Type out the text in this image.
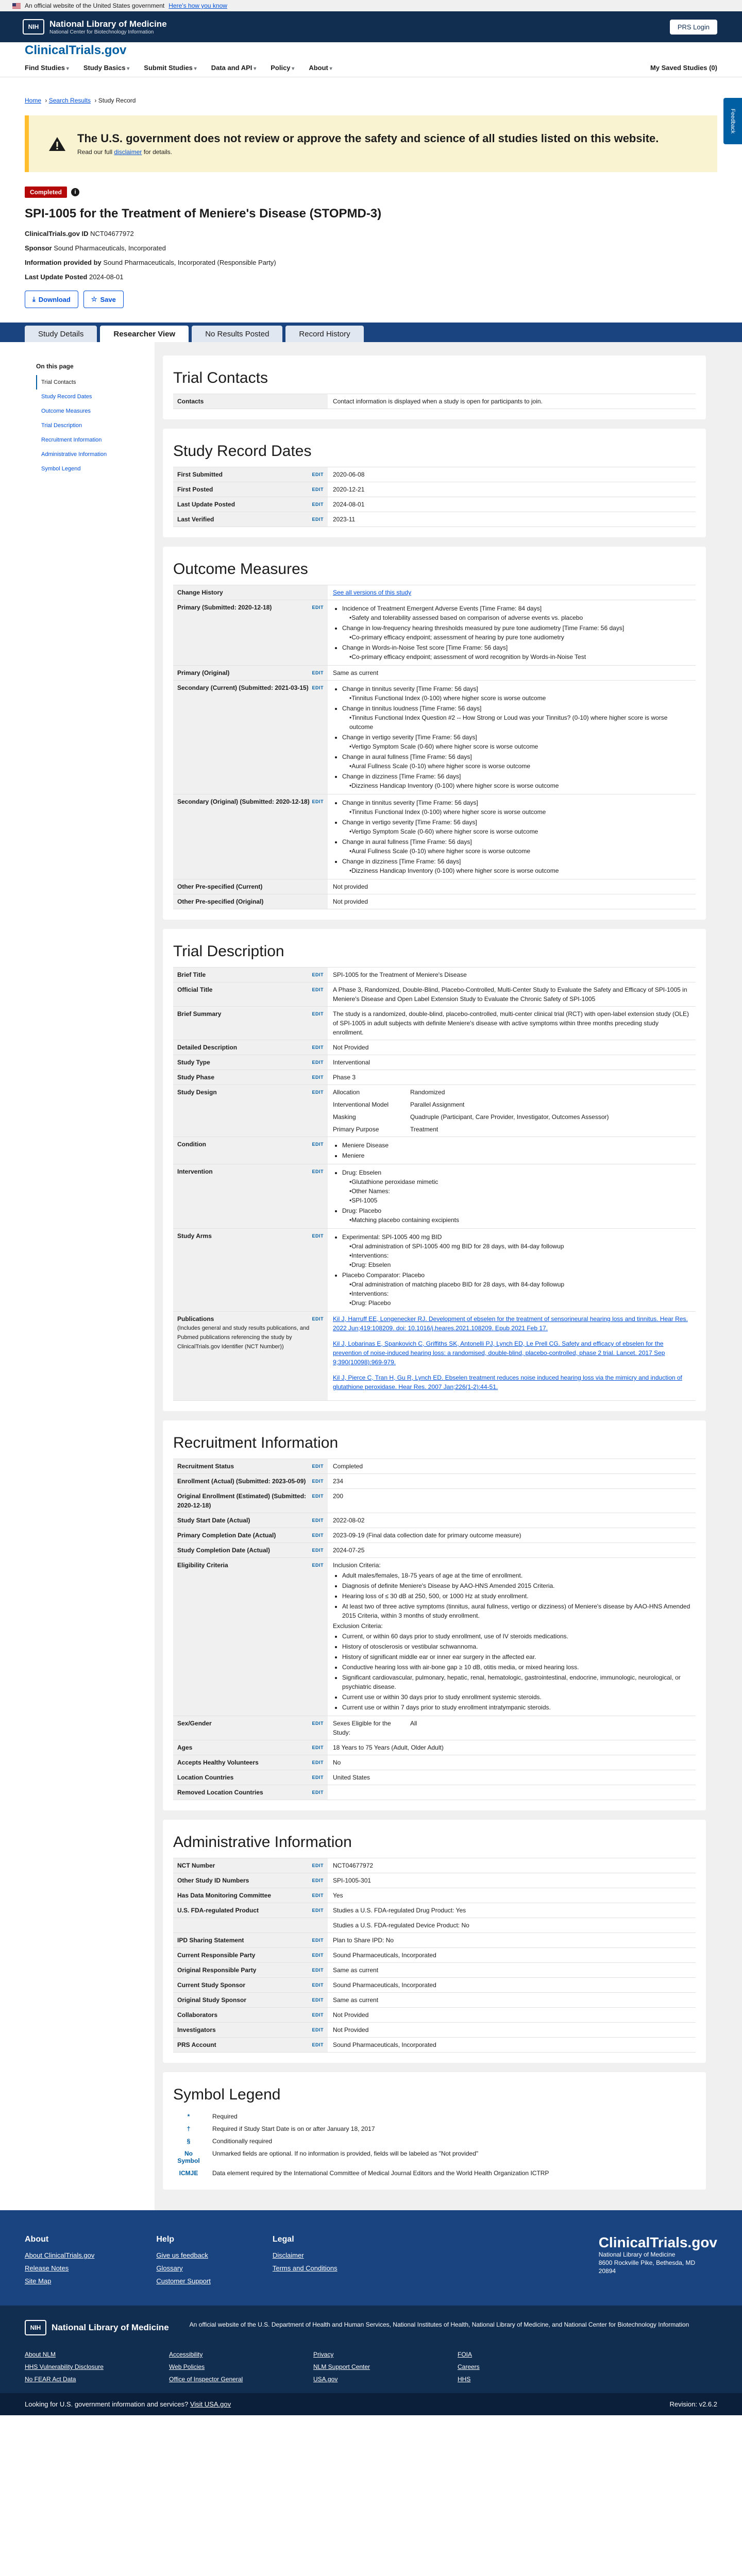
An official website of the United States government Here's how you know
NIH	National Library of Medicine
National Center for Biotechnology Information
PRS Login
ClinicalTrials.gov
Find Studies ▾	Study Basics ▾	Submit Studies ▾	Data and API ▾	Policy ▾	About ▾	My Saved Studies (0)
Home › Search Results › Study Record
The U.S. government does not review or approve the safety and science of all studies listed on this website.
Read our full disclaimer for details.
Feedback
Completed	i
SPI-1005 for the Treatment of Meniere's Disease (STOPMD-3)
ClinicalTrials.gov ID NCT04677972
Sponsor Sound Pharmaceuticals, Incorporated
Information provided by Sound Pharmaceuticals, Incorporated (Responsible Party)
Last Update Posted 2024-08-01
⤓ Download	☆ Save
Study Details	Researcher View	No Results Posted	Record History
On this page
Trial Contacts
Study Record Dates
Outcome Measures
Trial Description
Recruitment Information
Administrative Information
Symbol Legend
Trial Contacts
Contacts	Contact information is displayed when a study is open for participants to join.
Study Record Dates
First Submitted	EDIT	2020-06-08
First Posted	EDIT	2020-12-21
Last Update Posted	EDIT	2024-08-01
Last Verified	EDIT	2023-11
Outcome Measures
Change History	See all versions of this study
Primary (Submitted: 2020-12-18)	EDIT	• Incidence of Treatment Emergent Adverse Events [Time Frame: 84 days]
• Safety and tolerability assessed based on comparison of adverse events vs. placebo
• Change in low-frequency hearing thresholds measured by pure tone audiometry [Time Frame: 56 days]
• Co-primary efficacy endpoint; assessment of hearing by pure tone audiometry
• Change in Words-in-Noise Test score [Time Frame: 56 days]
• Co-primary efficacy endpoint; assessment of word recognition by Words-in-Noise Test
Primary (Original)	EDIT	Same as current
Secondary (Current) (Submitted: 2021-03-15) EDIT	• Change in tinnitus severity [Time Frame: 56 days]
• Tinnitus Functional Index (0-100) where higher score is worse outcome
• Change in tinnitus loudness [Time Frame: 56 days]
• Tinnitus Functional Index Question #2 -- How Strong or Loud was your Tinnitus? (0-10) where higher score is worse outcome
• Change in vertigo severity [Time Frame: 56 days]
• Vertigo Symptom Scale (0-60) where higher score is worse outcome
• Change in aural fullness [Time Frame: 56 days]
• Aural Fullness Scale (0-10) where higher score is worse outcome
• Change in dizziness [Time Frame: 56 days]
• Dizziness Handicap Inventory (0-100) where higher score is worse outcome
Secondary (Original) (Submitted: 2020-12-18) EDIT	• Change in tinnitus severity [Time Frame: 56 days]
• Tinnitus Functional Index (0-100) where higher score is worse outcome
• Change in vertigo severity [Time Frame: 56 days]
• Vertigo Symptom Scale (0-60) where higher score is worse outcome
• Change in aural fullness [Time Frame: 56 days]
• Aural Fullness Scale (0-10) where higher score is worse outcome
• Change in dizziness [Time Frame: 56 days]
• Dizziness Handicap Inventory (0-100) where higher score is worse outcome
Other Pre-specified (Current)	Not provided
Other Pre-specified (Original)	Not provided
Trial Description
Brief Title	EDIT	SPI-1005 for the Treatment of Meniere's Disease
Official Title	EDIT	A Phase 3, Randomized, Double-Blind, Placebo-Controlled, Multi-Center Study to Evaluate the Safety and Efficacy of SPI-1005 in Meniere's Disease and Open Label Extension Study to Evaluate the Chronic Safety of SPI-1005
Brief Summary	EDIT	The study is a randomized, double-blind, placebo-controlled, multi-center clinical trial (RCT) with open-label extension study (OLE) of SPI-1005 in adult subjects with definite Meniere's disease with active symptoms within three months preceding study enrollment.
Detailed Description	EDIT	Not Provided
Study Type	EDIT	Interventional
Study Phase	EDIT	Phase 3
Study Design	EDIT Allocation	Randomized
Interventional Model	Parallel Assignment
Masking	Quadruple (Participant, Care Provider, Investigator, Outcomes Assessor)
Primary Purpose	Treatment
Condition	EDIT	• Meniere Disease
• Meniere
Intervention	EDIT	• Drug: Ebselen
• Glutathione peroxidase mimetic
• Other Names:
• SPI-1005
• Drug: Placebo
• Matching placebo containing excipients
Study Arms	EDIT	• Experimental: SPI-1005 400 mg BID
• Oral administration of SPI-1005 400 mg BID for 28 days, with 84-day followup
• Interventions:
• Drug: Ebselen
• Placebo Comparator: Placebo
• Oral administration of matching placebo BID for 28 days, with 84-day followup
• Interventions:
• Drug: Placebo
Publications	EDIT
(Includes general and study results publications, and Pubmed publications referencing the study by ClinicalTrials.gov Identifier (NCT Number))
Kil J, Harruff EE, Longenecker RJ. Development of ebselen for the treatment of sensorineural hearing loss and tinnitus. Hear Res. 2022 Jun;419:108209. doi: 10.1016/j.heares.2021.108209. Epub 2021 Feb 17.
Kil J, Lobarinas E, Spankovich C, Griffiths SK, Antonelli PJ, Lynch ED, Le Prell CG. Safety and efficacy of ebselen for the prevention of noise-induced hearing loss: a randomised, double-blind, placebo-controlled, phase 2 trial. Lancet. 2017 Sep 9;390(10098):969-979.
Kil J, Pierce C, Tran H, Gu R, Lynch ED. Ebselen treatment reduces noise induced hearing loss via the mimicry and induction of glutathione peroxidase. Hear Res. 2007 Jan;226(1-2):44-51.
Recruitment Information
Recruitment Status	EDIT	Completed
Enrollment (Actual) (Submitted: 2023-05-09) EDIT	234
Original Enrollment (Estimated) (Submitted: 2020-12-18)
EDIT	200
Study Start Date (Actual)	EDIT	2022-08-02
Primary Completion Date (Actual)	EDIT	2023-09-19 (Final data collection date for primary outcome measure)
Study Completion Date (Actual)	EDIT	2024-07-25
Eligibility Criteria	EDIT Inclusion Criteria:

• Adult males/females, 18-75 years of age at the time of enrollment.
• Diagnosis of definite Meniere's Disease by AAO-HNS Amended 2015 Criteria.
• Hearing loss of ≤ 30 dB at 250, 500, or 1000 Hz at study enrollment.
• At least two of three active symptoms (tinnitus, aural fullness, vertigo or dizziness) of Meniere's disease by AAO-HNS Amended 2015 Criteria, within 3 months of study enrollment.

Exclusion Criteria:

• Current, or within 60 days prior to study enrollment, use of IV steroids medications.
• History of otosclerosis or vestibular schwannoma.
• History of significant middle ear or inner ear surgery in the affected ear.
• Conductive hearing loss with air-bone gap ≥ 10 dB, otitis media, or mixed hearing loss.
• Significant cardiovascular, pulmonary, hepatic, renal, hematologic, gastrointestinal, endocrine, immunologic, neurological, or psychiatric disease.
• Current use or within 30 days prior to study enrollment systemic steroids.
• Current use or within 7 days prior to study enrollment intratympanic steroids.
Sex/Gender	EDIT Sexes Eligible for the Study:
All
Ages	EDIT	18 Years to 75 Years (Adult, Older Adult)
Accepts Healthy Volunteers	EDIT	No
Location Countries	EDIT	United States
Removed Location Countries	EDIT
Administrative Information
NCT Number	EDIT	NCT04677972
Other Study ID Numbers	EDIT	SPI-1005-301
Has Data Monitoring Committee	EDIT	Yes
U.S. FDA-regulated Product	EDIT	Studies a U.S. FDA-regulated Drug Product: Yes
Studies a U.S. FDA-regulated Device Product: No
IPD Sharing Statement	EDIT	Plan to Share IPD: No
Current Responsible Party	EDIT	Sound Pharmaceuticals, Incorporated
Original Responsible Party	EDIT	Same as current
Current Study Sponsor	EDIT	Sound Pharmaceuticals, Incorporated
Original Study Sponsor	EDIT	Same as current
Collaborators	EDIT	Not Provided
Investigators	EDIT	Not Provided
PRS Account	EDIT	Sound Pharmaceuticals, Incorporated
Symbol Legend
*	Required
†	Required if Study Start Date is on or after January 18, 2017
§	Conditionally required
No Symbol
Unmarked fields are optional. If no information is provided, fields will be labeled as "Not provided"
ICMJE	Data element required by the International Committee of Medical Journal Editors and the World Health Organization ICTRP
About
About ClinicalTrials.gov
Release Notes
Site Map
Help
Give us feedback
Glossary
Customer Support
Legal
Disclaimer
Terms and Conditions
ClinicalTrials.gov
National Library of Medicine
8600 Rockville Pike, Bethesda, MD
20894
NIH	National Library of Medicine	An official website of the U.S. Department of Health and Human Services, National Institutes of Health, National Library of Medicine, and National Center for Biotechnology Information
About NLM	Accessibility	Privacy	FOIA
HHS Vulnerability Disclosure	Web Policies	NLM Support Center	Careers
No FEAR Act Data	Office of Inspector General	USA.gov	HHS
Looking for U.S. government information and services? Visit USA.gov	Revision: v2.6.2
